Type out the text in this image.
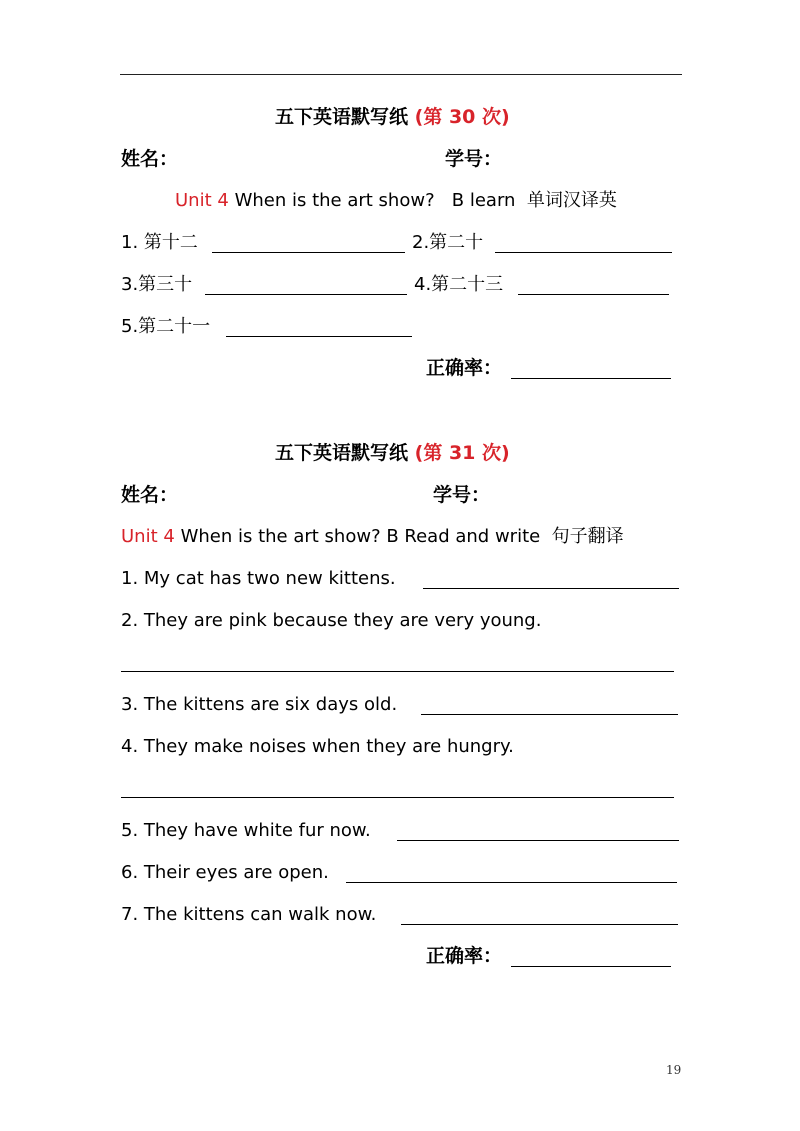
五下英语默写纸 (第 30 次)
姓名：	学号：
Unit 4 When is the art show?   B learn  单词汉译英
1. 第十二	2.第二十
3.第三十	4.第二十三
5.第二十一
正确率：
五下英语默写纸 (第 31 次)
姓名：	学号：
Unit 4 When is the art show? B Read and write  句子翻译
1. My cat has two new kittens.
2. They are pink because they are very young.
3. The kittens are six days old.
4. They make noises when they are hungry.
5. They have white fur now.
6. Their eyes are open.
7. The kittens can walk now.
正确率：
19
